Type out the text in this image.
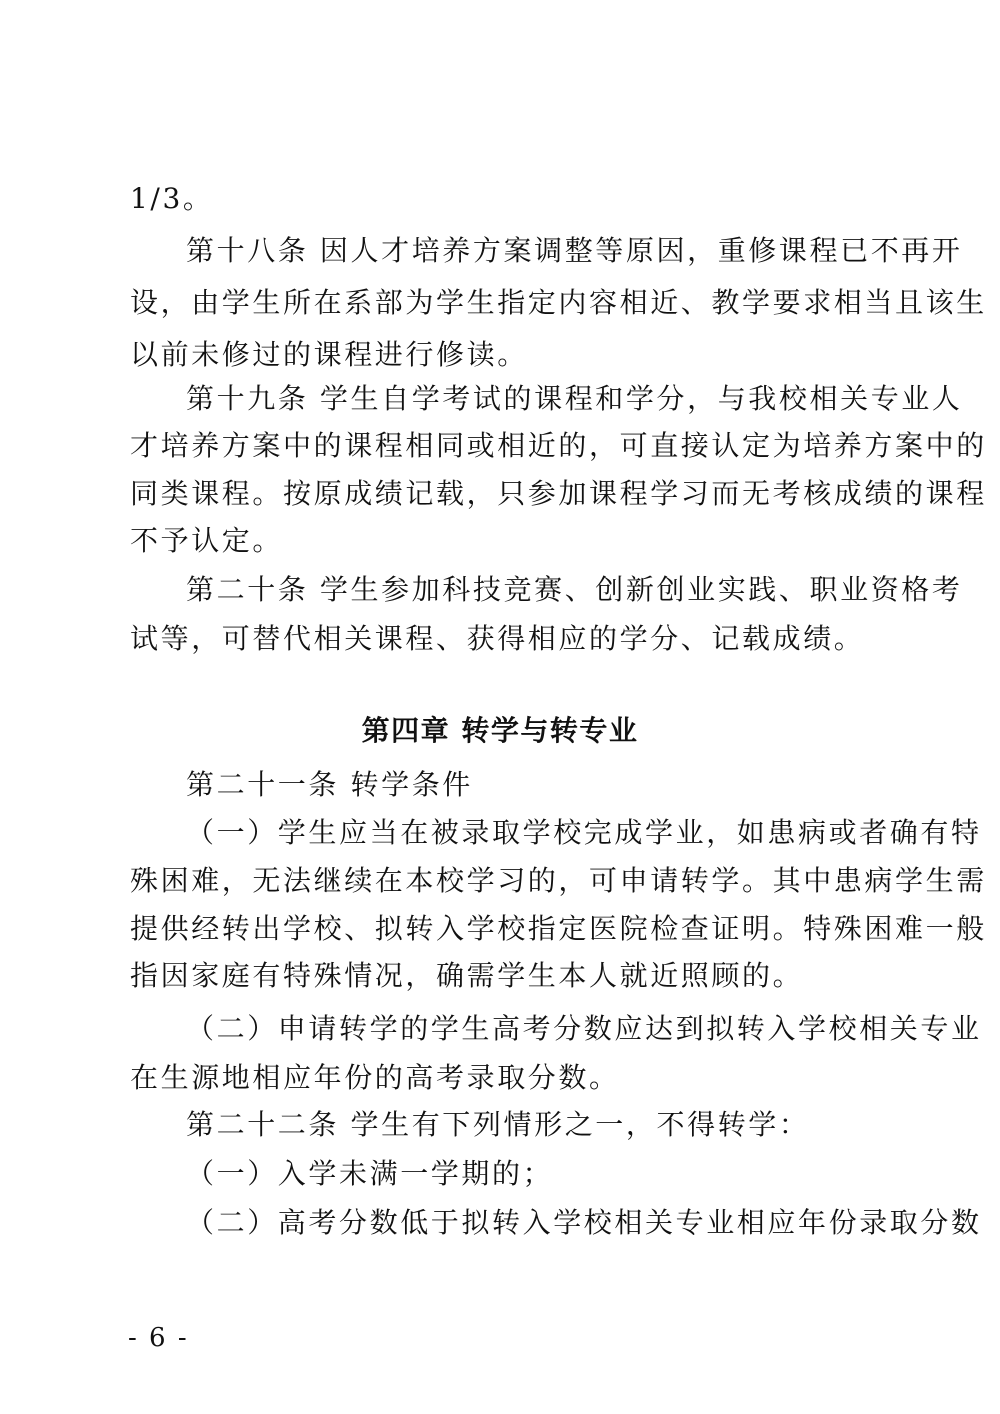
1/3。
第十八条 因人才培养方案调整等原因，重修课程已不再开
设，由学生所在系部为学生指定内容相近、教学要求相当且该生
以前未修过的课程进行修读。
第十九条 学生自学考试的课程和学分，与我校相关专业人
才培养方案中的课程相同或相近的，可直接认定为培养方案中的
同类课程。按原成绩记载，只参加课程学习而无考核成绩的课程
不予认定。
第二十条 学生参加科技竞赛、创新创业实践、职业资格考
试等，可替代相关课程、获得相应的学分、记载成绩。
第四章 转学与转专业
第二十一条 转学条件
（一）学生应当在被录取学校完成学业，如患病或者确有特
殊困难，无法继续在本校学习的，可申请转学。其中患病学生需
提供经转出学校、拟转入学校指定医院检查证明。特殊困难一般
指因家庭有特殊情况，确需学生本人就近照顾的。
（二）申请转学的学生高考分数应达到拟转入学校相关专业
在生源地相应年份的高考录取分数。
第二十二条 学生有下列情形之一，不得转学：
（一）入学未满一学期的；
（二）高考分数低于拟转入学校相关专业相应年份录取分数
- 6 -
